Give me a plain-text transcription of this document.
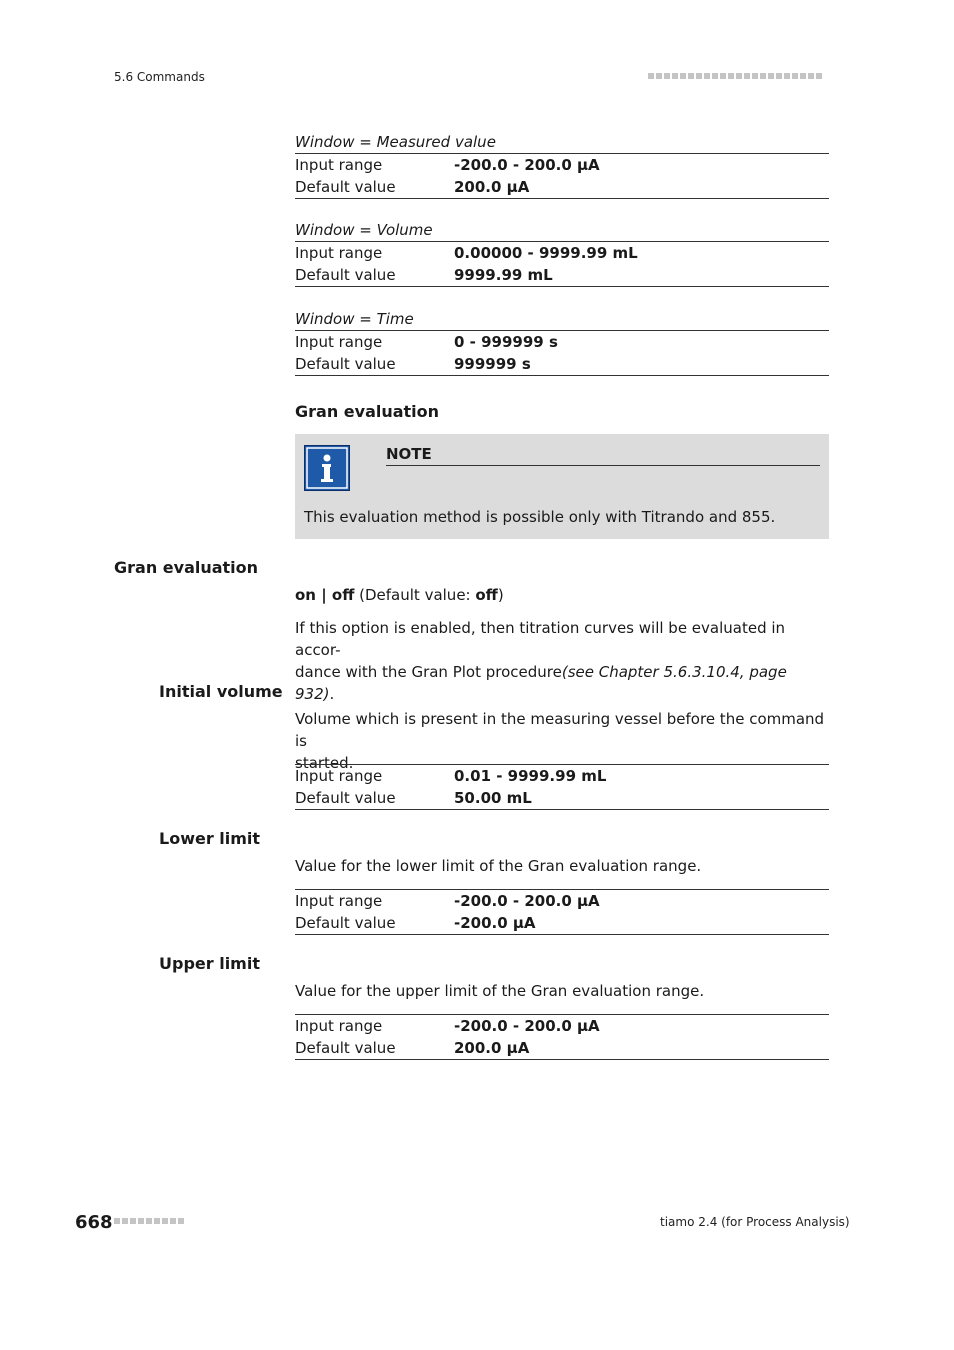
5.6 Commands
Window = Measured value
Input range	-200.0 - 200.0 µA
Default value	200.0 µA
Window = Volume
Input range	0.00000 - 9999.99 mL
Default value	9999.99 mL
Window = Time
Input range	0 - 999999 s
Default value	999999 s
Gran evaluation
NOTE
This evaluation method is possible only with Titrando and 855.
Gran evaluation
on | off (Default value: off)
If this option is enabled, then titration curves will be evaluated in accor-
dance with the Gran Plot procedure(see Chapter 5.6.3.10.4, page 932).
Initial volume
Volume which is present in the measuring vessel before the command is
started.
Input range	0.01 - 9999.99 mL
Default value	50.00 mL
Lower limit
Value for the lower limit of the Gran evaluation range.
Input range	-200.0 - 200.0 µA
Default value	-200.0 µA
Upper limit
Value for the upper limit of the Gran evaluation range.
Input range	-200.0 - 200.0 µA
Default value	200.0 µA
668	tiamo 2.4 (for Process Analysis)
